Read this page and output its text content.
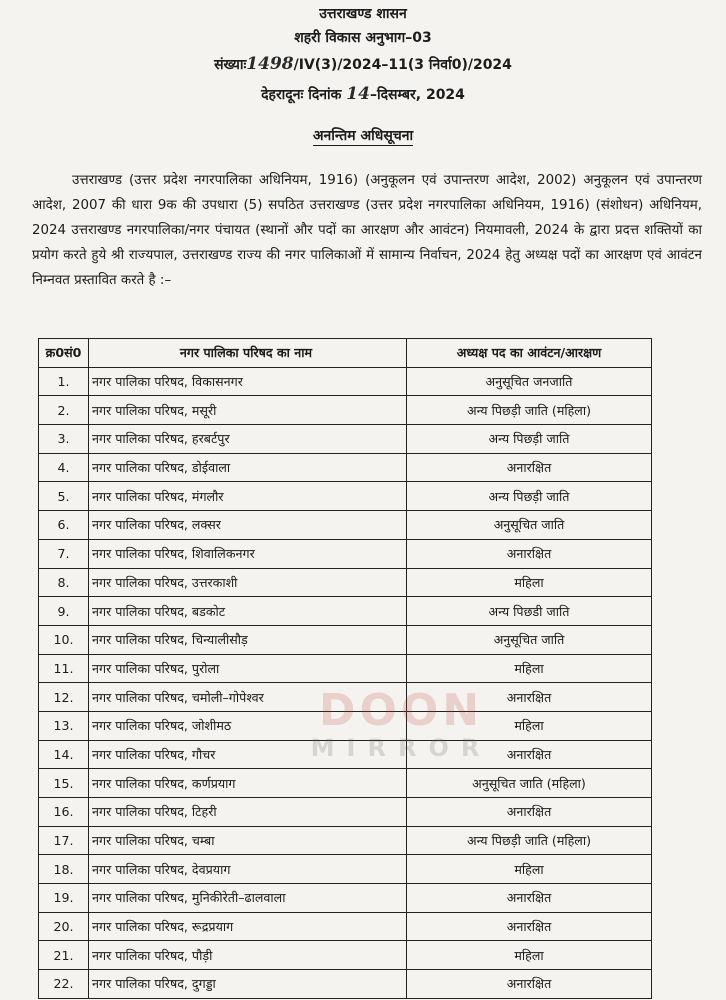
उत्तराखण्ड शासन
शहरी विकास अनुभाग–03
संख्याः1498/IV(3)/2024–11(3 निर्वा0)/2024
देहरादूनः दिनांक 14–दिसम्बर, 2024
अनन्तिम अधिसूचना
उत्तराखण्ड (उत्तर प्रदेश नगरपालिका अधिनियम, 1916) (अनुकूलन एवं उपान्तरण आदेश, 2002) अनुकूलन एवं उपान्तरण आदेश, 2007 की धारा 9क की उपधारा (5) सपठित उत्तराखण्ड (उत्तर प्रदेश नगरपालिका अधिनियम, 1916) (संशोधन) अधिनियम, 2024 उत्तराखण्ड नगरपालिका/नगर पंचायत (स्थानों और पदों का आरक्षण और आवंटन) नियमावली, 2024 के द्वारा प्रदत्त शक्तियों का प्रयोग करते हुये श्री राज्यपाल, उत्तराखण्ड राज्य की नगर पालिकाओं में सामान्य निर्वाचन, 2024 हेतु अध्यक्ष पदों का आरक्षण एवं आवंटन निम्नवत प्रस्तावित करते है :–
क्र0सं0	नगर पालिका परिषद का नाम	अध्यक्ष पद का आवंटन/आरक्षण
1.	नगर पालिका परिषद, विकासनगर	अनुसूचित जनजाति
2.	नगर पालिका परिषद, मसूरी	अन्य पिछड़ी जाति (महिला)
3.	नगर पालिका परिषद, हरबर्टपुर	अन्य पिछड़ी जाति
4.	नगर पालिका परिषद, डोईवाला	अनारक्षित
5.	नगर पालिका परिषद, मंगलौर	अन्य पिछड़ी जाति
6.	नगर पालिका परिषद, लक्सर	अनुसूचित जाति
7.	नगर पालिका परिषद, शिवालिकनगर	अनारक्षित
8.	नगर पालिका परिषद, उत्तरकाशी	महिला
9.	नगर पालिका परिषद, बडकोट	अन्य पिछडी जाति
10.	नगर पालिका परिषद, चिन्यालीसौड़	अनुसूचित जाति
11.	नगर पालिका परिषद, पुरोला	महिला
12.	नगर पालिका परिषद, चमोली–गोपेश्वर	अनारक्षित
13.	नगर पालिका परिषद, जोशीमठ	महिला
14.	नगर पालिका परिषद, गौचर	अनारक्षित
15.	नगर पालिका परिषद, कर्णप्रयाग	अनुसूचित जाति (महिला)
16.	नगर पालिका परिषद, टिहरी	अनारक्षित
17.	नगर पालिका परिषद, चम्बा	अन्य पिछड़ी जाति (महिला)
18.	नगर पालिका परिषद, देवप्रयाग	महिला
19.	नगर पालिका परिषद, मुनिकीरेती–ढालवाला	अनारक्षित
20.	नगर पालिका परिषद, रूद्रप्रयाग	अनारक्षित
21.	नगर पालिका परिषद, पौड़ी	महिला
22.	नगर पालिका परिषद, दुगड्डा	अनारक्षित
DOON
MIRROR
